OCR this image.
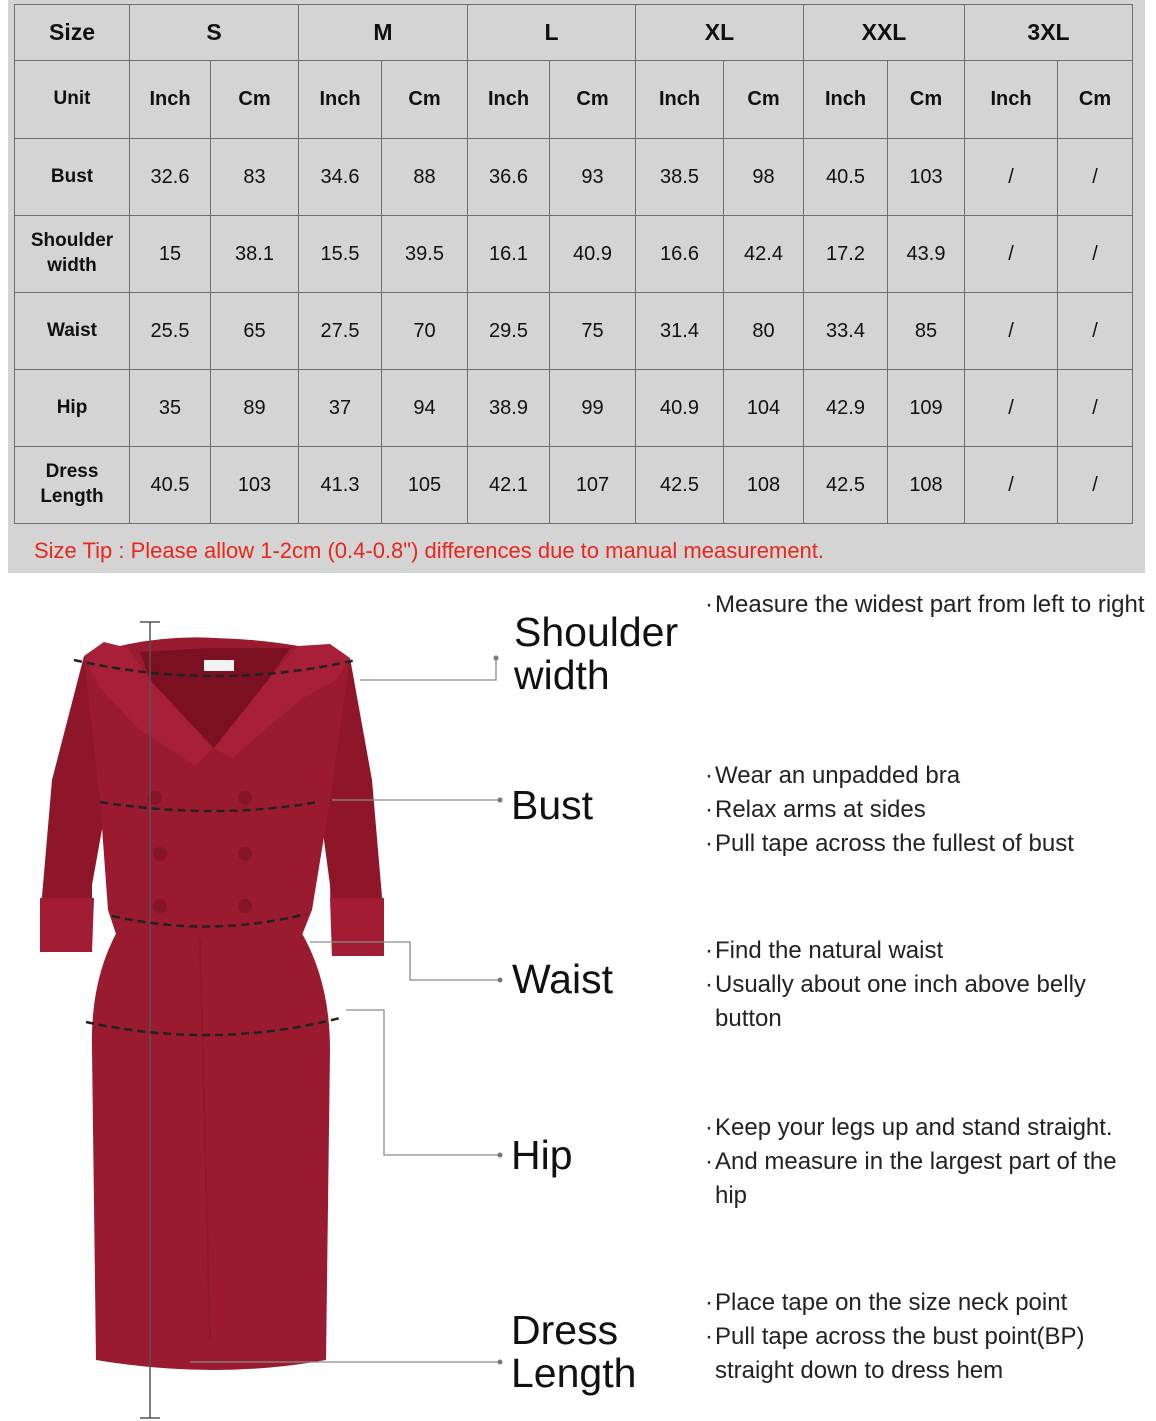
Size	S		M		L		XL		XXL		3XL	
Unit	Inch	Cm	Inch	Cm	Inch	Cm	Inch	Cm	Inch	Cm	Inch	Cm
Bust	32.6	83	34.6	88	36.6	93	38.5	98	40.5	103	/	/
Shoulder width	15	38.1	15.5	39.5	16.1	40.9	16.6	42.4	17.2	43.9	/	/
Waist	25.5	65	27.5	70	29.5	75	31.4	80	33.4	85	/	/
Hip	35	89	37	94	38.9	99	40.9	104	42.9	109	/	/
Dress Length	40.5	103	41.3	105	42.1	107	42.5	108	42.5	108	/	/
Size Tip : Please allow 1-2cm (0.4-0.8") differences due to manual measurement.
Shoulder width
· Measure the widest part from left to right
Bust
· Wear an unpadded bra
· Relax arms at sides
· Pull tape across the fullest of bust
Waist
· Find the natural waist
· Usually about one inch above belly button
Hip
· Keep your legs up and stand straight.
· And measure in the largest part of the hip
Dress Length
· Place tape on the size neck point
· Pull tape across the bust point(BP) straight down to dress hem
